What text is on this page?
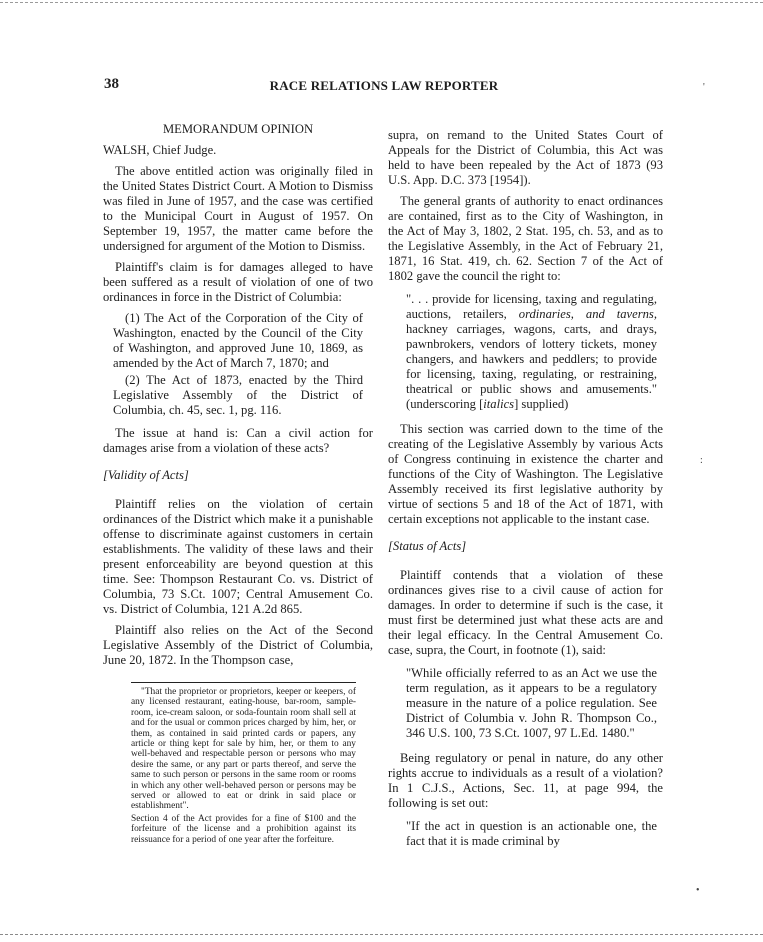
38	RACE RELATIONS LAW REPORTER
MEMORANDUM OPINION
WALSH, Chief Judge.

The above entitled action was originally filed in the United States District Court. A Motion to Dismiss was filed in June of 1957, and the case was certified to the Municipal Court in August of 1957. On September 19, 1957, the matter came before the undersigned for argument of the Motion to Dismiss.

Plaintiff's claim is for damages alleged to have been suffered as a result of violation of one of two ordinances in force in the District of Columbia:

(1) The Act of the Corporation of the City of Washington, enacted by the Council of the City of Washington, and approved June 10, 1869, as amended by the Act of March 7, 1870; and

(2) The Act of 1873, enacted by the Third Legislative Assembly of the District of Columbia, ch. 45, sec. 1, pg. 116.

The issue at hand is: Can a civil action for damages arise from a violation of these acts?

[Validity of Acts]

Plaintiff relies on the violation of certain ordinances of the District which make it a punishable offense to discriminate against customers in certain establishments. The validity of these laws and their present enforceability are beyond question at this time. See: Thompson Restaurant Co. vs. District of Columbia, 73 S.Ct. 1007; Central Amusement Co. vs. District of Columbia, 121 A.2d 865.

Plaintiff also relies on the Act of the Second Legislative Assembly of the District of Columbia, June 20, 1872. In the Thompson case,

"That the proprietor or proprietors, keeper or keepers, of any licensed restaurant, eating-house, bar-room, sample-room, ice-cream saloon, or soda-fountain room shall sell at and for the usual or common prices charged by him, her, or them, as contained in said printed cards or papers, any article or thing kept for sale by him, her, or them to any well-behaved and respectable person or persons who may desire the same, or any part or parts thereof, and serve the same to such person or persons in the same room or rooms in which any other well-behaved person or persons may be served or allowed to eat or drink in said place or establishment".

Section 4 of the Act provides for a fine of $100 and the forfeiture of the license and a prohibition against its reissuance for a period of one year after the forfeiture.

supra, on remand to the United States Court of Appeals for the District of Columbia, this Act was held to have been repealed by the Act of 1873 (93 U.S. App. D.C. 373 [1954]).

The general grants of authority to enact ordinances are contained, first as to the City of Washington, in the Act of May 3, 1802, 2 Stat. 195, ch. 53, and as to the Legislative Assembly, in the Act of February 21, 1871, 16 Stat. 419, ch. 62. Section 7 of the Act of 1802 gave the council the right to:

". . . provide for licensing, taxing and regulating, auctions, retailers, ordinaries, and taverns, hackney carriages, wagons, carts, and drays, pawnbrokers, vendors of lottery tickets, money changers, and hawkers and peddlers; to provide for licensing, taxing, regulating, or restraining, theatrical or public shows and amusements." (underscoring [italics] supplied)

This section was carried down to the time of the creating of the Legislative Assembly by various Acts of Congress continuing in existence the charter and functions of the City of Washington. The Legislative Assembly received its first legislative authority by virtue of sections 5 and 18 of the Act of 1871, with certain exceptions not applicable to the instant case.

[Status of Acts]

Plaintiff contends that a violation of these ordinances gives rise to a civil cause of action for damages. In order to determine if such is the case, it must first be determined just what these acts are and their legal efficacy. In the Central Amusement Co. case, supra, the Court, in footnote (1), said:

"While officially referred to as an Act we use the term regulation, as it appears to be a regulatory measure in the nature of a police regulation. See District of Columbia v. John R. Thompson Co., 346 U.S. 100, 73 S.Ct. 1007, 97 L.Ed. 1480."

Being regulatory or penal in nature, do any other rights accrue to individuals as a result of a violation? In 1 C.J.S., Actions, Sec. 11, at page 994, the following is set out:

"If the act in question is an actionable one, the fact that it is made criminal by
'
:
•
